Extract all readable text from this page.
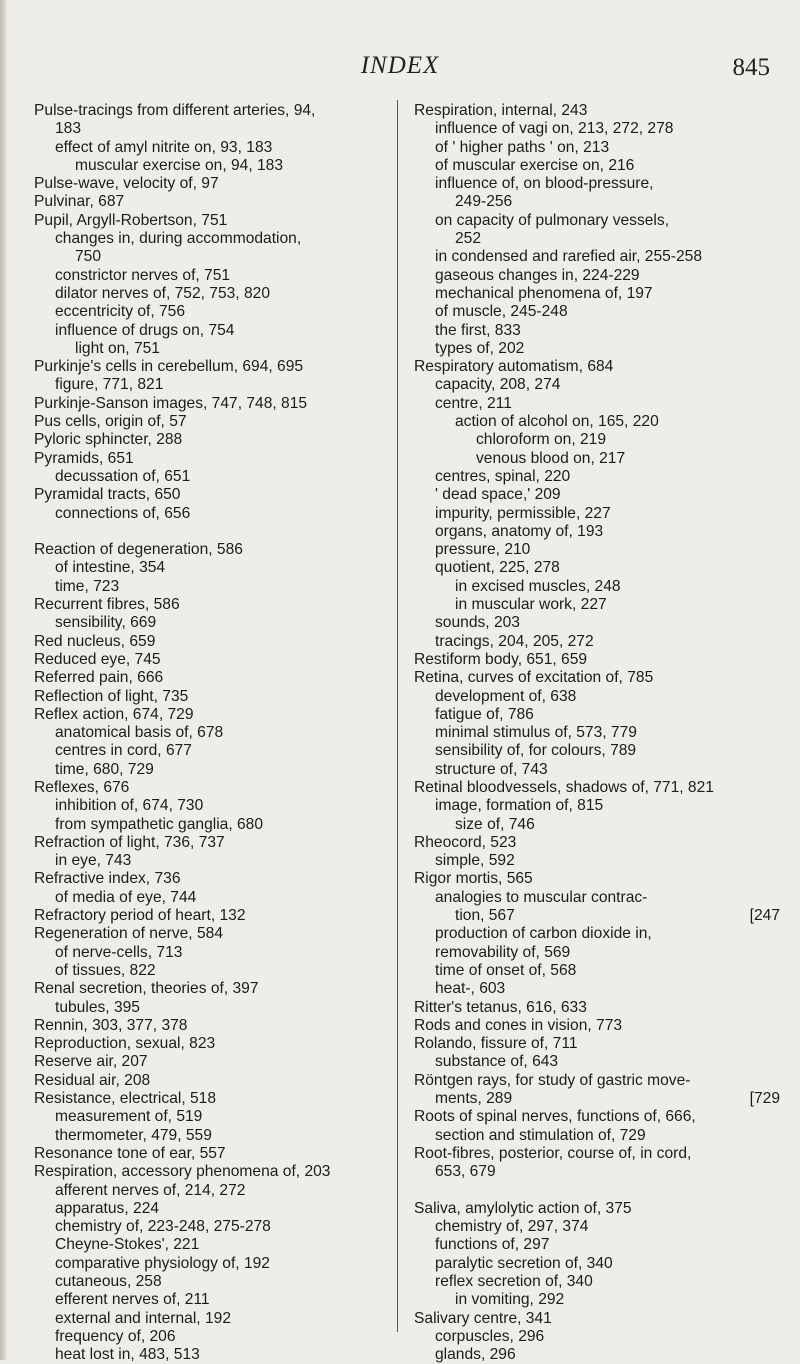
INDEX	845
Pulse-tracings from different arteries, 94,
183
effect of amyl nitrite on, 93, 183
muscular exercise on, 94, 183
Pulse-wave, velocity of, 97
Pulvinar, 687
Pupil, Argyll-Robertson, 751
changes in, during accommodation,
750
constrictor nerves of, 751
dilator nerves of, 752, 753, 820
eccentricity of, 756
influence of drugs on, 754
light on, 751
Purkinje's cells in cerebellum, 694, 695
figure, 771, 821
Purkinje-Sanson images, 747, 748, 815
Pus cells, origin of, 57
Pyloric sphincter, 288
Pyramids, 651
decussation of, 651
Pyramidal tracts, 650
connections of, 656
Reaction of degeneration, 586
of intestine, 354
time, 723
Recurrent fibres, 586
sensibility, 669
Red nucleus, 659
Reduced eye, 745
Referred pain, 666
Reflection of light, 735
Reflex action, 674, 729
anatomical basis of, 678
centres in cord, 677
time, 680, 729
Reflexes, 676
inhibition of, 674, 730
from sympathetic ganglia, 680
Refraction of light, 736, 737
in eye, 743
Refractive index, 736
of media of eye, 744
Refractory period of heart, 132
Regeneration of nerve, 584
of nerve-cells, 713
of tissues, 822
Renal secretion, theories of, 397
tubules, 395
Rennin, 303, 377, 378
Reproduction, sexual, 823
Reserve air, 207
Residual air, 208
Resistance, electrical, 518
measurement of, 519
thermometer, 479, 559
Resonance tone of ear, 557
Respiration, accessory phenomena of, 203
afferent nerves of, 214, 272
apparatus, 224
chemistry of, 223-248, 275-278
Cheyne-Stokes', 221
comparative physiology of, 192
cutaneous, 258
efferent nerves of, 211
external and internal, 192
frequency of, 206
heat lost in, 483, 513
Respiration, internal, 243
influence of vagi on, 213, 272, 278
of ' higher paths ' on, 213
of muscular exercise on, 216
influence of, on blood-pressure,
249-256
on capacity of pulmonary vessels,
252
in condensed and rarefied air, 255-258
gaseous changes in, 224-229
mechanical phenomena of, 197
of muscle, 245-248
the first, 833
types of, 202
Respiratory automatism, 684
capacity, 208, 274
centre, 211
action of alcohol on, 165, 220
chloroform on, 219
venous blood on, 217
centres, spinal, 220
' dead space,' 209
impurity, permissible, 227
organs, anatomy of, 193
pressure, 210
quotient, 225, 278
in excised muscles, 248
in muscular work, 227
sounds, 203
tracings, 204, 205, 272
Restiform body, 651, 659
Retina, curves of excitation of, 785
development of, 638
fatigue of, 786
minimal stimulus of, 573, 779
sensibility of, for colours, 789
structure of, 743
Retinal bloodvessels, shadows of, 771, 821
image, formation of, 815
size of, 746
Rheocord, 523
simple, 592
Rigor mortis, 565
analogies to muscular contrac-
tion, 567	[247
production of carbon dioxide in,
removability of, 569
time of onset of, 568
heat-, 603
Ritter's tetanus, 616, 633
Rods and cones in vision, 773
Rolando, fissure of, 711
substance of, 643
Röntgen rays, for study of gastric move-
ments, 289	[729
Roots of spinal nerves, functions of, 666,
section and stimulation of, 729
Root-fibres, posterior, course of, in cord,
653, 679
Saliva, amylolytic action of, 375
chemistry of, 297, 374
functions of, 297
paralytic secretion of, 340
reflex secretion of, 340
in vomiting, 292
Salivary centre, 341
corpuscles, 296
glands, 296
